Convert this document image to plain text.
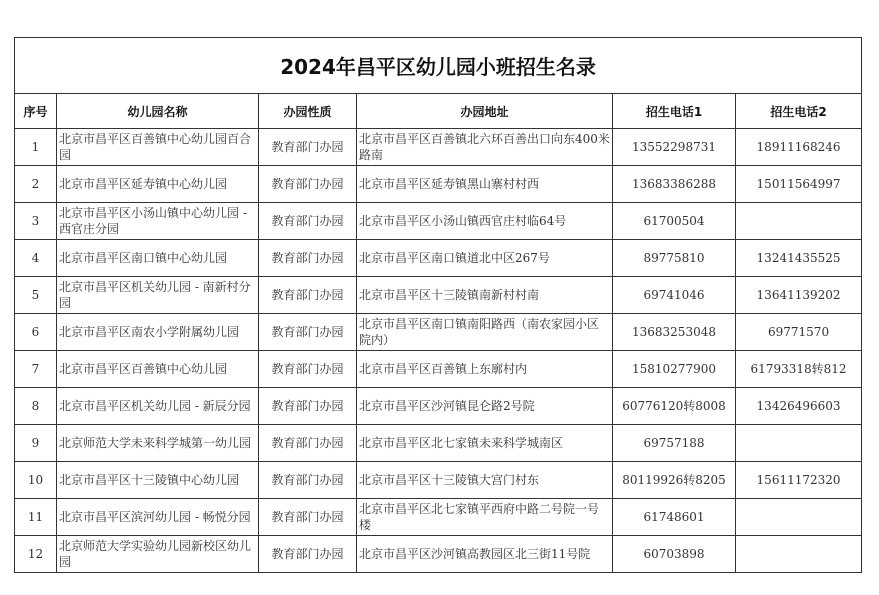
2024年昌平区幼儿园小班招生名录					
序号	幼儿园名称	办园性质	办园地址	招生电话1	招生电话2

1	北京市昌平区百善镇中心幼儿园百合园	教育部门办园	北京市昌平区百善镇北六环百善出口向东400米路南	13552298731	18911168246

2	北京市昌平区延寿镇中心幼儿园	教育部门办园	北京市昌平区延寿镇黑山寨村村西	13683386288	15011564997

3	北京市昌平区小汤山镇中心幼儿园 - 西官庄分园	教育部门办园	北京市昌平区小汤山镇西官庄村临64号	61700504	

4	北京市昌平区南口镇中心幼儿园	教育部门办园	北京市昌平区南口镇道北中区267号	89775810	13241435525

5	北京市昌平区机关幼儿园 - 南新村分园	教育部门办园	北京市昌平区十三陵镇南新村村南	69741046	13641139202

6	北京市昌平区南农小学附属幼儿园	教育部门办园	北京市昌平区南口镇南阳路西（南农家园小区院内）	13683253048	69771570

7	北京市昌平区百善镇中心幼儿园	教育部门办园	北京市昌平区百善镇上东廓村内	15810277900	61793318转812

8	北京市昌平区机关幼儿园 - 新辰分园	教育部门办园	北京市昌平区沙河镇昆仑路2号院	60776120转8008	13426496603

9	北京师范大学未来科学城第一幼儿园	教育部门办园	北京市昌平区北七家镇未来科学城南区	69757188	

10	北京市昌平区十三陵镇中心幼儿园	教育部门办园	北京市昌平区十三陵镇大宫门村东	80119926转8205	15611172320

11	北京市昌平区滨河幼儿园 - 畅悦分园	教育部门办园	北京市昌平区北七家镇平西府中路二号院一号楼	61748601	

12	北京师范大学实验幼儿园新校区幼儿园	教育部门办园	北京市昌平区沙河镇高教园区北三街11号院	60703898	
